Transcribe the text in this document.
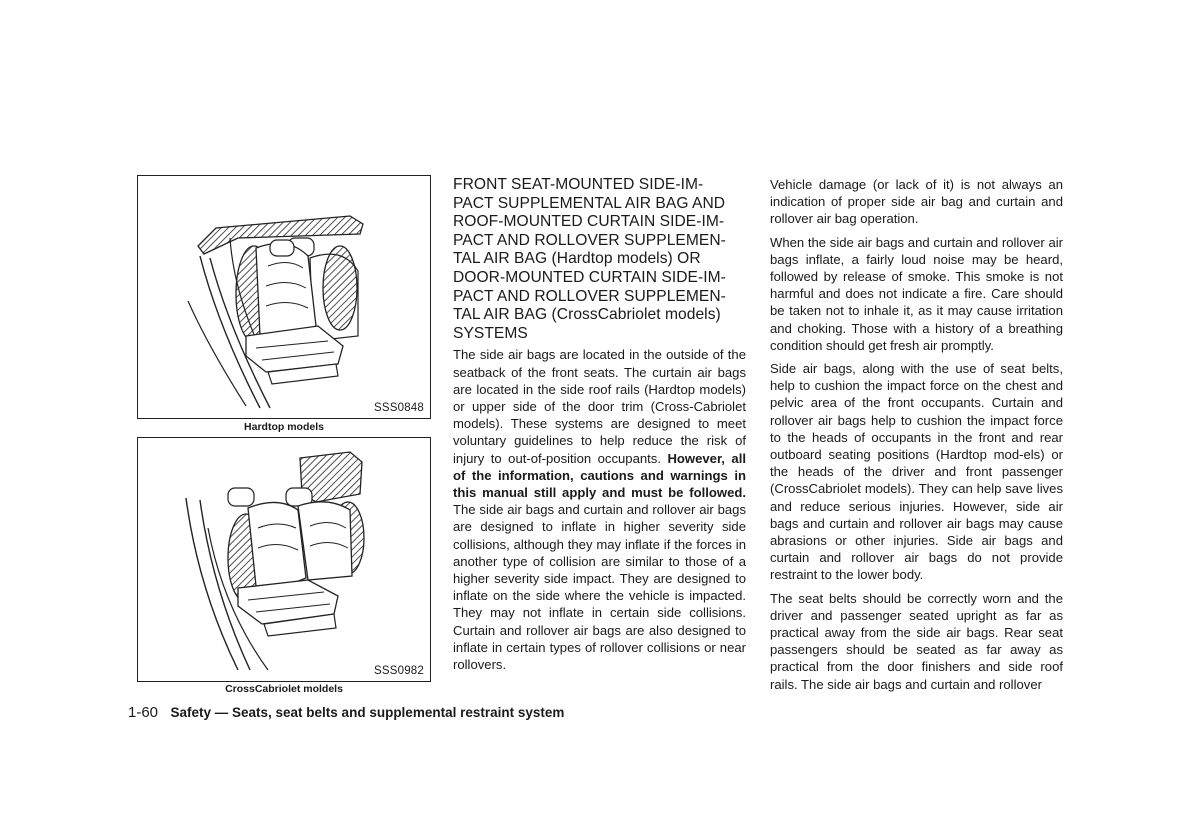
SSS0848
Hardtop models
SSS0982
CrossCabriolet moldels
FRONT SEAT-MOUNTED SIDE-IM-
PACT SUPPLEMENTAL AIR BAG AND
ROOF-MOUNTED CURTAIN SIDE-IM-
PACT AND ROLLOVER SUPPLEMEN-
TAL AIR BAG (Hardtop models) OR
DOOR-MOUNTED CURTAIN SIDE-IM-
PACT AND ROLLOVER SUPPLEMEN-
TAL AIR BAG (CrossCabriolet models)
SYSTEMS

The side air bags are located in the outside of the seatback of the front seats. The curtain air bags are located in the side roof rails (Hardtop models) or upper side of the door trim (Cross-Cabriolet models). These systems are designed to meet voluntary guidelines to help reduce the risk of injury to out-of-position occupants. However, all of the information, cautions and warnings in this manual still apply and must be followed. The side air bags and curtain and rollover air bags are designed to inflate in higher severity side collisions, although they may inflate if the forces in another type of collision are similar to those of a higher severity side impact. They are designed to inflate on the side where the vehicle is impacted. They may not inflate in certain side collisions. Curtain and rollover air bags are also designed to inflate in certain types of rollover collisions or near rollovers.

Vehicle damage (or lack of it) is not always an indication of proper side air bag and curtain and rollover air bag operation.

When the side air bags and curtain and rollover air bags inflate, a fairly loud noise may be heard, followed by release of smoke. This smoke is not harmful and does not indicate a fire. Care should be taken not to inhale it, as it may cause irritation and choking. Those with a history of a breathing condition should get fresh air promptly.

Side air bags, along with the use of seat belts, help to cushion the impact force on the chest and pelvic area of the front occupants. Curtain and rollover air bags help to cushion the impact force to the heads of occupants in the front and rear outboard seating positions (Hardtop mod-els) or the heads of the driver and front passenger (CrossCabriolet models). They can help save lives and reduce serious injuries. However, side air bags and curtain and rollover air bags may cause abrasions or other injuries. Side air bags and curtain and rollover air bags do not provide restraint to the lower body.

The seat belts should be correctly worn and the driver and passenger seated upright as far as practical away from the side air bags. Rear seat passengers should be seated as far away as practical from the door finishers and side roof rails. The side air bags and curtain and rollover

1-60 Safety — Seats, seat belts and supplemental restraint system
